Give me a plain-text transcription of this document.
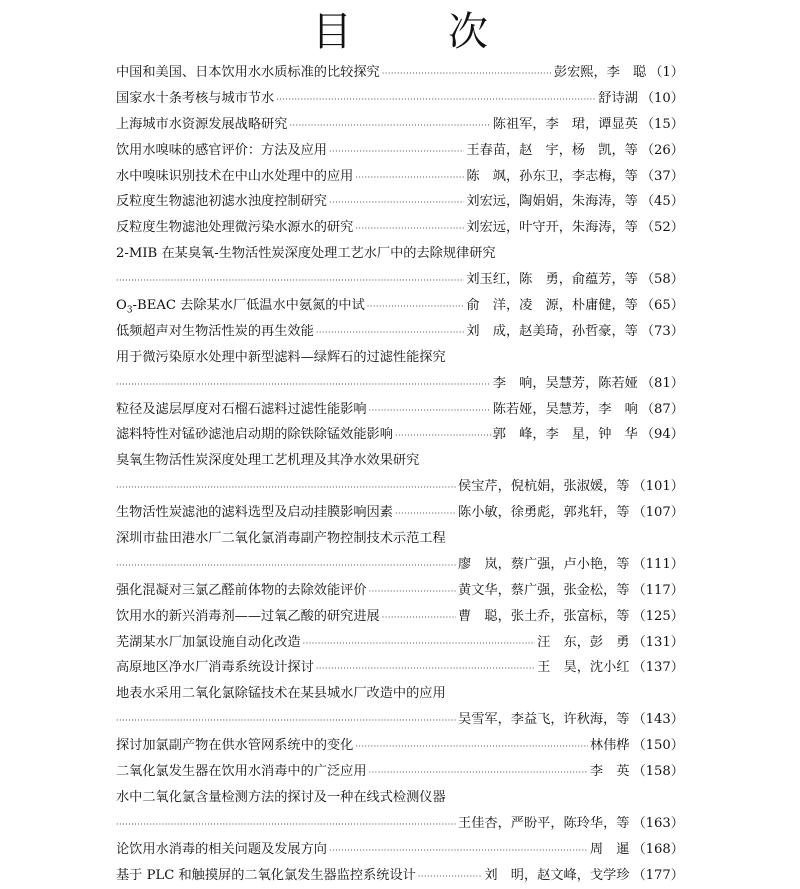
目 次
中国和美国、日本饮用水水质标准的比较探究 ·····	彭宏熙，李　聪 （1）
国家水十条考核与城市节水 ·····	舒诗湖 （10）
上海城市水资源发展战略研究 ·····	陈祖军，李　珺，谭显英 （15）
饮用水嗅味的感官评价：方法及应用 ·····	王春苗，赵　宇，杨　凯，等 （26）
水中嗅味识别技术在中山水处理中的应用 ·····	陈　飒，孙东卫，李志梅，等 （37）
反粒度生物滤池初滤水浊度控制研究 ·····	刘宏远，陶娟娟，朱海涛，等 （45）
反粒度生物滤池处理微污染水源水的研究 ·····	刘宏远，叶守开，朱海涛，等 （52）
2-MIB 在某臭氧-生物活性炭深度处理工艺水厂中的去除规律研究
·····
刘玉红，陈　勇，俞蕴芳，等 （58）
$O_3$-BEAC 去除某水厂低温水中氨氮的中试 ·····	俞　洋，凌　源，朴庸健，等 （65）
低频超声对生物活性炭的再生效能 ·····	刘　成，赵美琦，孙哲豪，等 （73）
用于微污染原水处理中新型滤料—绿辉石的过滤性能探究
·····
李　响，吴慧芳，陈若娅 （81）
粒径及滤层厚度对石榴石滤料过滤性能影响 ·····	陈若娅，吴慧芳，李　响 （87）
滤料特性对锰砂滤池启动期的除铁除锰效能影响 ·····	郭　峰，李　星，钟　华 （94）
臭氧生物活性炭深度处理工艺机理及其净水效果研究
·····
侯宝芹，倪杭娟，张淑媛，等 （101）
生物活性炭滤池的滤料选型及启动挂膜影响因素 ·····	陈小敏，徐勇彪，郭兆轩，等 （107）
深圳市盐田港水厂二氧化氯消毒副产物控制技术示范工程
·····
廖　岚，蔡广强，卢小艳，等 （111）
强化混凝对三氯乙醛前体物的去除效能评价 ·····	黄文华，蔡广强，张金松，等 （117）
饮用水的新兴消毒剂——过氧乙酸的研究进展 ·····	曹　聪，张土乔，张富标，等 （125）
芜湖某水厂加氯设施自动化改造 ·····	汪　东，彭　勇 （131）
高原地区净水厂消毒系统设计探讨 ·····	王　昊，沈小红 （137）
地表水采用二氧化氯除锰技术在某县城水厂改造中的应用
·····
吴雪军，李益飞，许秋海，等 （143）
探讨加氯副产物在供水管网系统中的变化 ·····	林伟桦 （150）
二氧化氯发生器在饮用水消毒中的广泛应用 ·····	李　英 （158）
水中二氧化氯含量检测方法的探讨及一种在线式检测仪器
·····
王佳杏，严盼平，陈玲华，等 （163）
论饮用水消毒的相关问题及发展方向 ·····	周　暹 （168）
基于 PLC 和触摸屏的二氧化氯发生器监控系统设计 ·····	刘　明，赵文峰，戈学珍 （177）
